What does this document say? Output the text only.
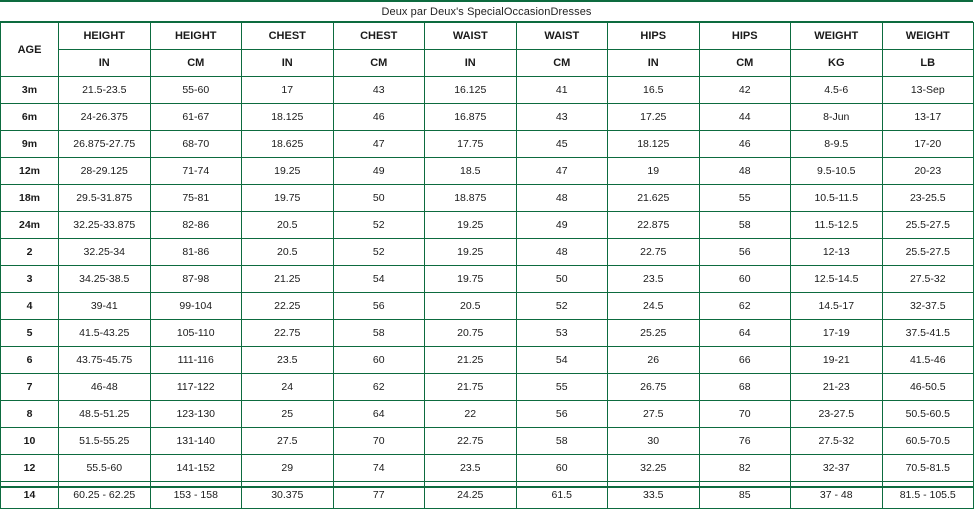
Deux par Deux's SpecialOccasionDresses
AGE	HEIGHT	HEIGHT	CHEST	CHEST	WAIST	WAIST	HIPS	HIPS	WEIGHT	WEIGHT
	IN	CM	IN	CM	IN	CM	IN	CM	KG	LB
3m	21.5-23.5	55-60	17	43	16.125	41	16.5	42	4.5-6	13-Sep
6m	24-26.375	61-67	18.125	46	16.875	43	17.25	44	8-Jun	13-17
9m	26.875-27.75	68-70	18.625	47	17.75	45	18.125	46	8-9.5	17-20
12m	28-29.125	71-74	19.25	49	18.5	47	19	48	9.5-10.5	20-23
18m	29.5-31.875	75-81	19.75	50	18.875	48	21.625	55	10.5-11.5	23-25.5
24m	32.25-33.875	82-86	20.5	52	19.25	49	22.875	58	11.5-12.5	25.5-27.5
2	32.25-34	81-86	20.5	52	19.25	48	22.75	56	12-13	25.5-27.5
3	34.25-38.5	87-98	21.25	54	19.75	50	23.5	60	12.5-14.5	27.5-32
4	39-41	99-104	22.25	56	20.5	52	24.5	62	14.5-17	32-37.5
5	41.5-43.25	105-110	22.75	58	20.75	53	25.25	64	17-19	37.5-41.5
6	43.75-45.75	111-116	23.5	60	21.25	54	26	66	19-21	41.5-46
7	46-48	117-122	24	62	21.75	55	26.75	68	21-23	46-50.5
8	48.5-51.25	123-130	25	64	22	56	27.5	70	23-27.5	50.5-60.5
10	51.5-55.25	131-140	27.5	70	22.75	58	30	76	27.5-32	60.5-70.5
12	55.5-60	141-152	29	74	23.5	60	32.25	82	32-37	70.5-81.5
14	60.25 - 62.25	153 - 158	30.375	77	24.25	61.5	33.5	85	37 - 48	81.5 - 105.5
